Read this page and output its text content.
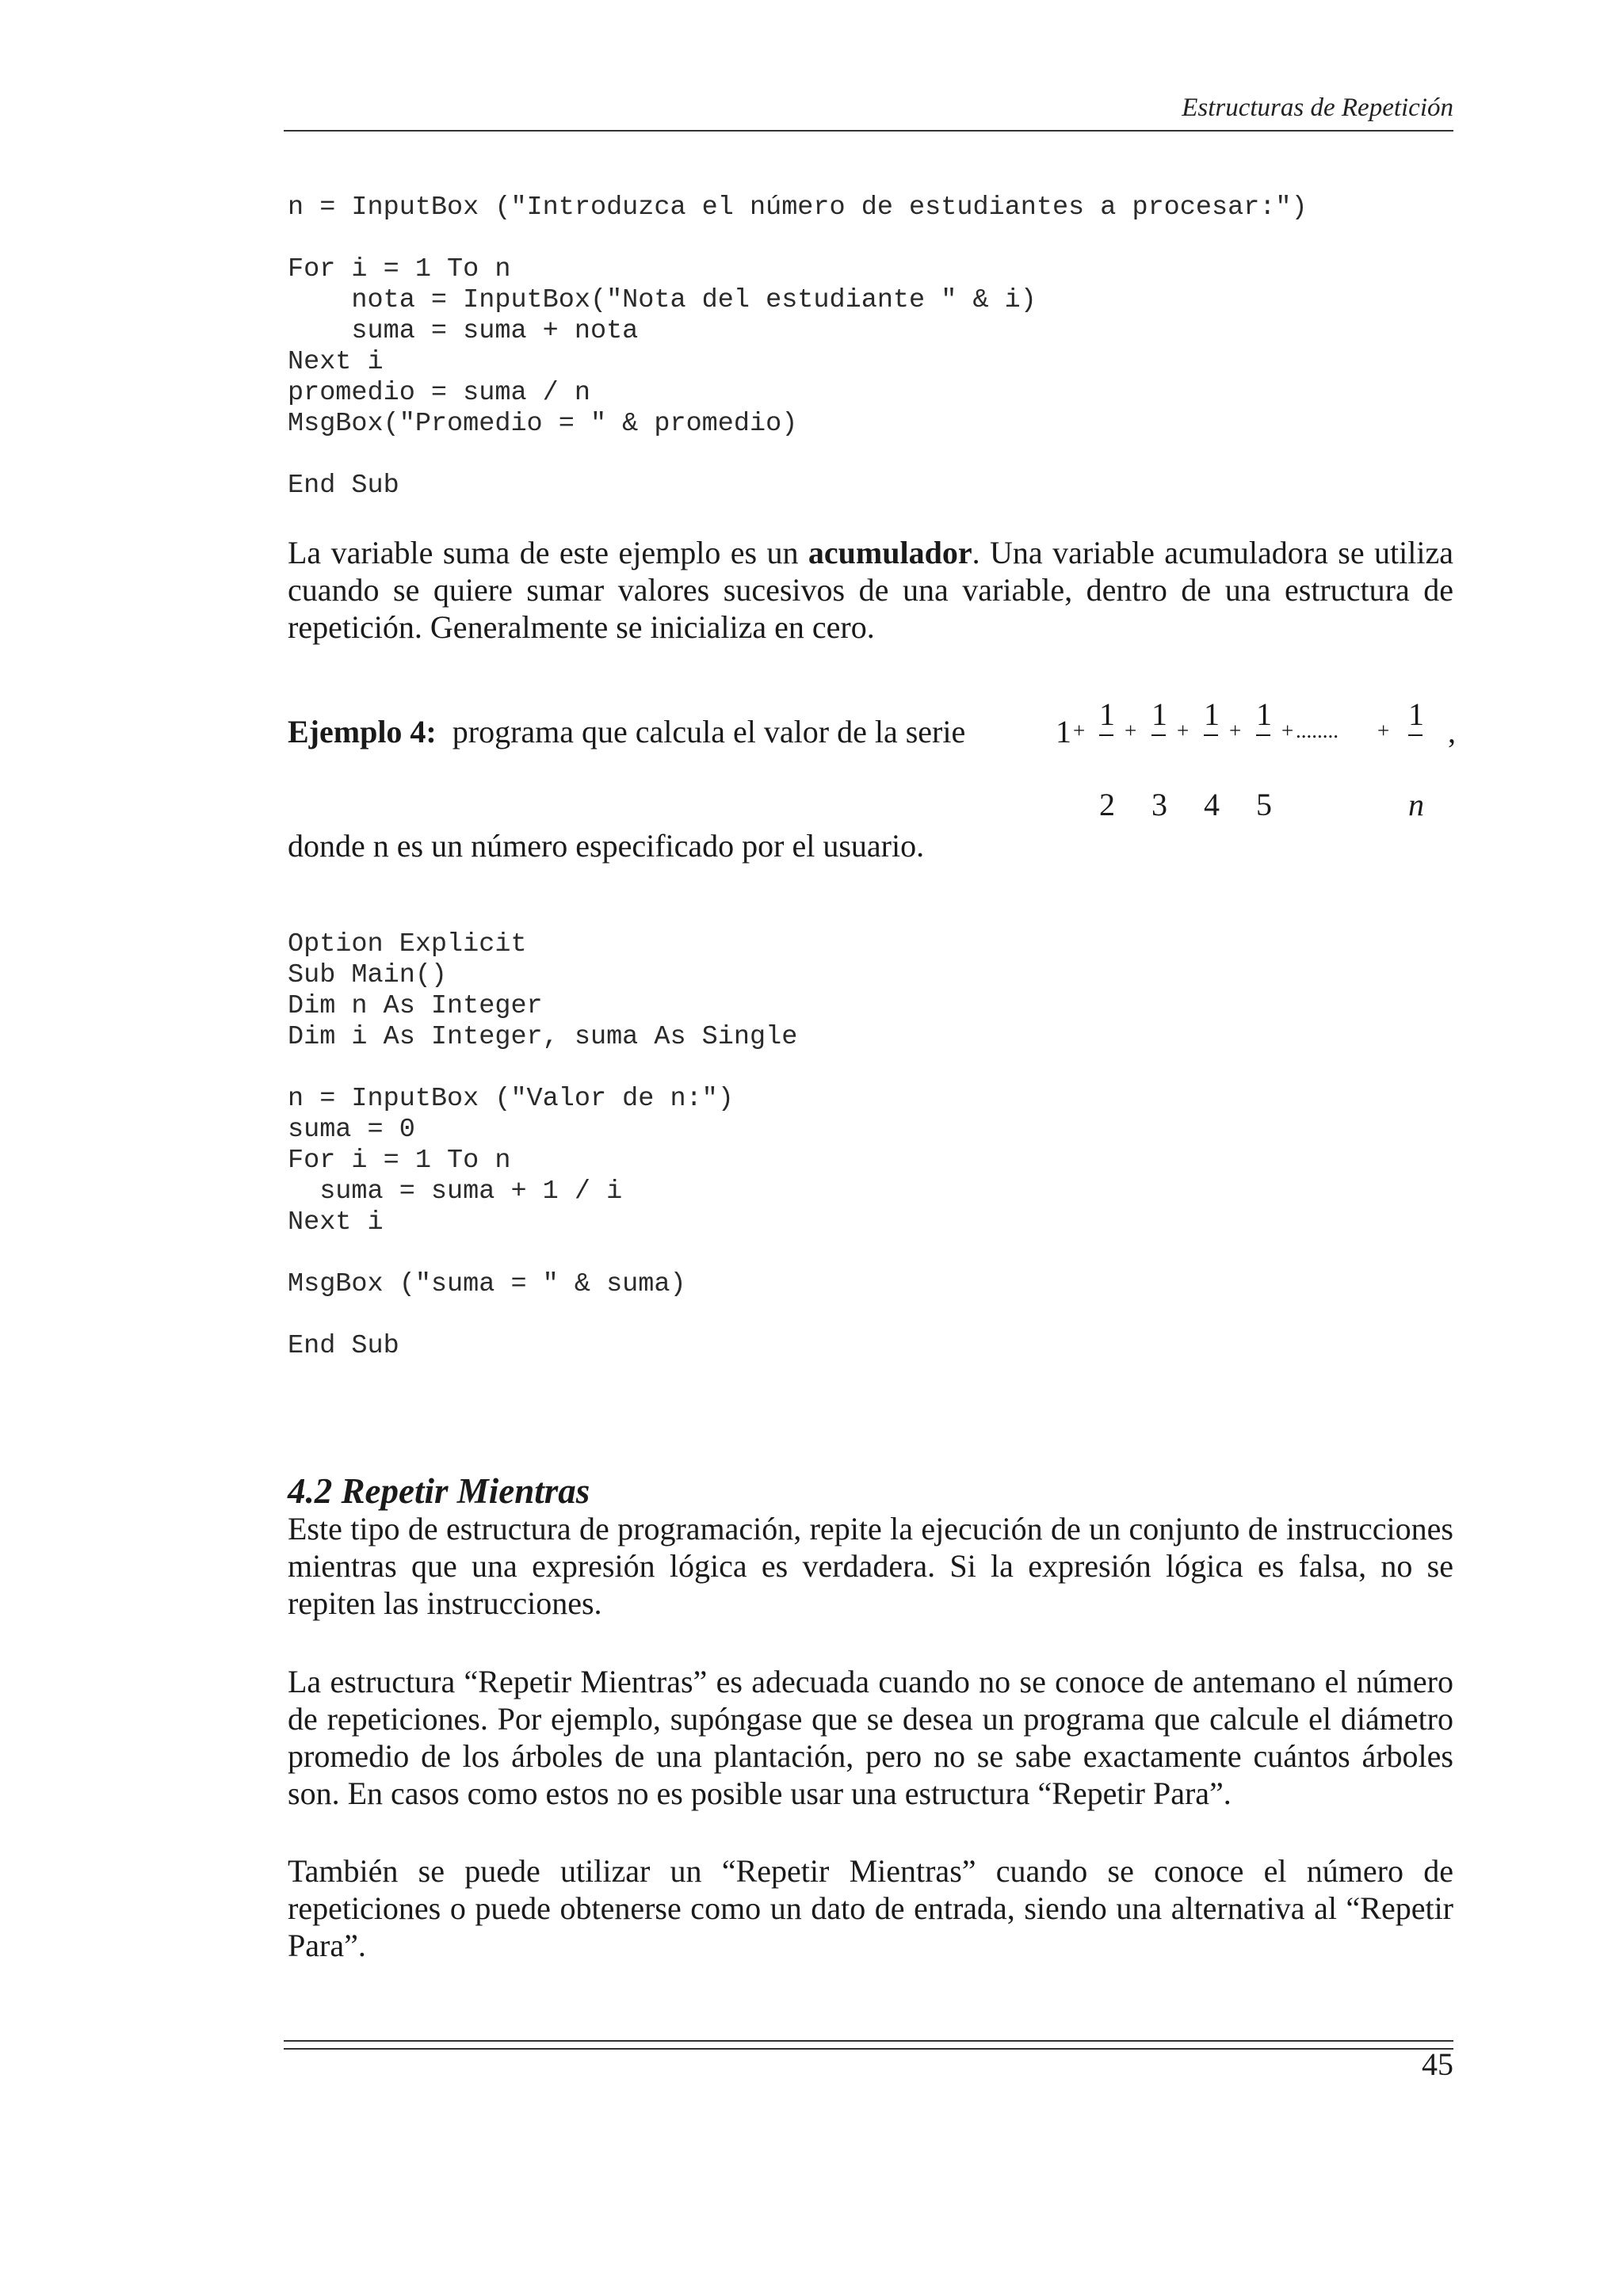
Estructuras de Repetición
n = InputBox ("Introduzca el número de estudiantes a procesar:")

For i = 1 To n
nota = InputBox("Nota del estudiante " & i)
suma = suma + nota
Next i
promedio = suma / n
MsgBox("Promedio = " & promedio)

End Sub

La variable suma de este ejemplo es un acumulador. Una variable acumuladora se utiliza cuando se quiere sumar valores sucesivos de una variable, dentro de una estructura de repetición. Generalmente se inicializa en cero.

Ejemplo 4: programa que calcula el valor de la serie	1 + 1
2
+ 1
3
+ 1
4
+ 1
5
+ ........ + 1
n
,
donde n es un número especificado por el usuario.
Option Explicit
Sub Main()
Dim n As Integer
Dim i As Integer, suma As Single

n = InputBox ("Valor de n:")
suma = 0
For i = 1 To n
suma = suma + 1 / i
Next i

MsgBox ("suma = " & suma)

End Sub
4.2 Repetir Mientras

Este tipo de estructura de programación, repite la ejecución de un conjunto de instrucciones mientras que una expresión lógica es verdadera. Si la expresión lógica es falsa, no se repiten las instrucciones.

La estructura “Repetir Mientras” es adecuada cuando no se conoce de antemano el número de repeticiones. Por ejemplo, supóngase que se desea un programa que calcule el diámetro promedio de los árboles de una plantación, pero no se sabe exactamente cuántos árboles son. En casos como estos no es posible usar una estructura “Repetir Para”.

También se puede utilizar un “Repetir Mientras” cuando se conoce el número de repeticiones o puede obtenerse como un dato de entrada, siendo una alternativa al “Repetir Para”.

45
